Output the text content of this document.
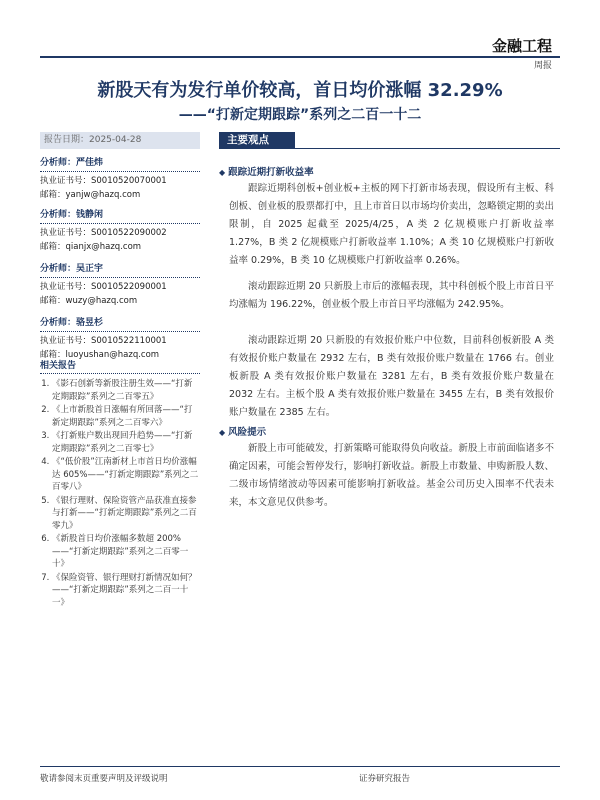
金融工程
周报
新股天有为发行单价较高，首日均价涨幅 32.29%
——“打新定期跟踪”系列之二百一十二
报告日期：2025-04-28	主要观点
分析师：严佳炜
执业证书号：S0010520070001
邮箱：yanjw@hazq.com
分析师：钱静闲
执业证书号：S0010522090002
邮箱：qianjx@hazq.com
分析师：吴正宇
执业证书号：S0010522090001
邮箱：wuzy@hazq.com
分析师：骆昱杉
执业证书号：S0010522110001
邮箱：luoyushan@hazq.com
相关报告
1. 《影石创新等新股注册生效——“打新定期跟踪”系列之二百零五》
2. 《上市新股首日涨幅有所回落——“打新定期跟踪”系列之二百零六》
3. 《打新账户数出现回升趋势——“打新定期跟踪”系列之二百零七》
4. 《“低价股”江南新材上市首日均价涨幅达 605%——“打新定期跟踪”系列之二百零八》
5. 《银行理财、保险资管产品获准直接参与打新——“打新定期跟踪”系列之二百零九》
6. 《新股首日均价涨幅多数超 200%——“打新定期跟踪”系列之二百零一十》
7. 《保险资管、银行理财打新情况如何？——“打新定期跟踪”系列之二百一十一》
◆ 跟踪近期打新收益率
跟踪近期科创板+创业板+主板的网下打新市场表现，假设所有主板、科创板、创业板的股票都打中，且上市首日以市场均价卖出，忽略锁定期的卖出限制，自 2025 起截至 2025/4/25，A 类 2 亿规模账户打新收益率 1.27%，B 类 2 亿规模账户打新收益率 1.10%；A 类 10 亿规模账户打新收益率 0.29%，B 类 10 亿规模账户打新收益率 0.26%。
滚动跟踪近期 20 只新股上市后的涨幅表现，其中科创板个股上市首日平均涨幅为 196.22%，创业板个股上市首日平均涨幅为 242.95%。
滚动跟踪近期 20 只新股的有效报价账户中位数，目前科创板新股 A 类有效报价账户数量在 2932 左右，B 类有效报价账户数量在 1766 右。创业板新股 A 类有效报价账户数量在 3281 左右，B 类有效报价账户数量在 2032 左右。主板个股 A 类有效报价账户数量在 3455 左右，B 类有效报价账户数量在 2385 左右。
◆ 风险提示
新股上市可能破发，打新策略可能取得负向收益。新股上市前面临诸多不确定因素，可能会暂停发行，影响打新收益。新股上市数量、申购新股人数、二级市场情绪波动等因素可能影响打新收益。基金公司历史入围率不代表未来，本文意见仅供参考。
敬请参阅末页重要声明及评级说明	证券研究报告
